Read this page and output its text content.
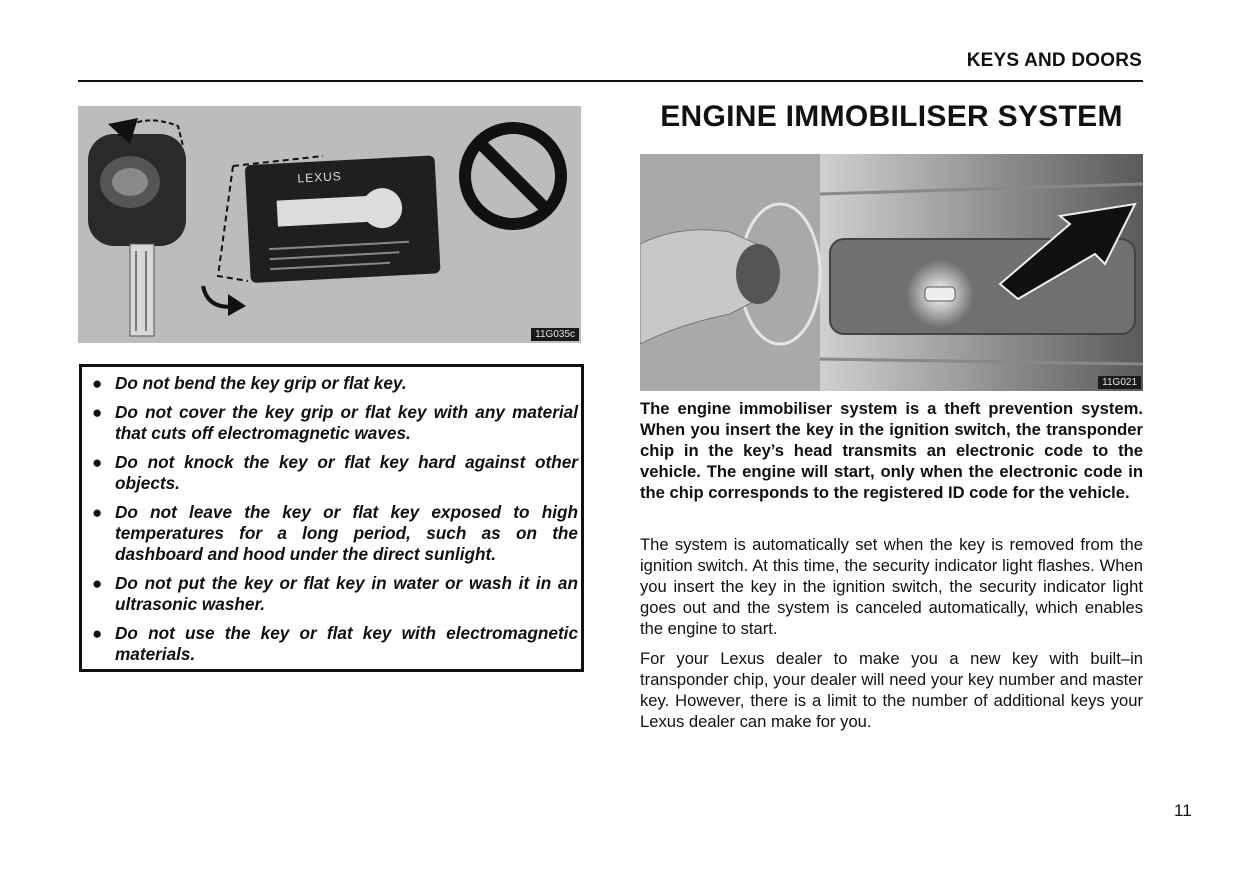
KEYS AND DOORS
LEXUS
11G035c
● Do not bend the key grip or flat key.
● Do not cover the key grip or flat key with any material that cuts off electromagnetic waves.
● Do not knock the key or flat key hard against other objects.
● Do not leave the key or flat key exposed to high temperatures for a long period, such as on the dashboard and hood under the direct sunlight.
● Do not put the key or flat key in water or wash it in an ultrasonic washer.
● Do not use the key or flat key with electromagnetic materials.
ENGINE IMMOBILISER SYSTEM
11G021

The engine immobiliser system is a theft prevention system. When you insert the key in the ignition switch, the transponder chip in the key’s head transmits an electronic code to the vehicle. The engine will start, only when the electronic code in the chip corresponds to the registered ID code for the vehicle.

The system is automatically set when the key is removed from the ignition switch. At this time, the security indicator light flashes. When you insert the key in the ignition switch, the security indicator light goes out and the system is canceled automatically, which enables the engine to start.

For your Lexus dealer to make you a new key with built–in transponder chip, your dealer will need your key number and master key. However, there is a limit to the number of additional keys your Lexus dealer can make for you.

11
